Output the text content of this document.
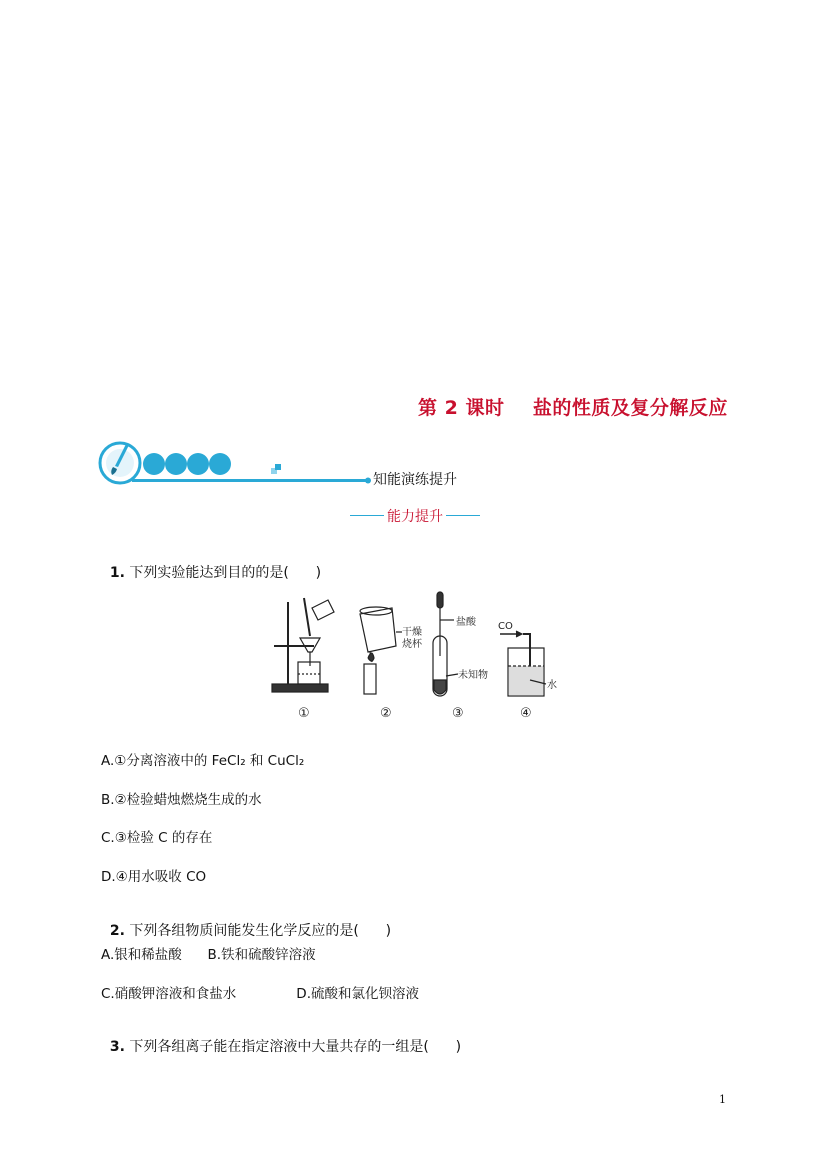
第 2 课时    盐的性质及复分解反应
知能演练提升
能力提升

1. 下列实验能达到目的的是(      )

干燥 烧杯
盐酸
未知物
CO
水
①	②	③	④
A.①分离溶液中的 FeCl₂ 和 CuCl₂
B.②检验蜡烛燃烧生成的水
C.③检验 C 的存在
D.④用水吸收 CO

2. 下列各组物质间能发生化学反应的是(      )

A.银和稀盐酸      B.铁和硫酸锌溶液
C.硝酸钾溶液和食盐水              D.硫酸和氯化钡溶液

3. 下列各组离子能在指定溶液中大量共存的一组是(      )

1
